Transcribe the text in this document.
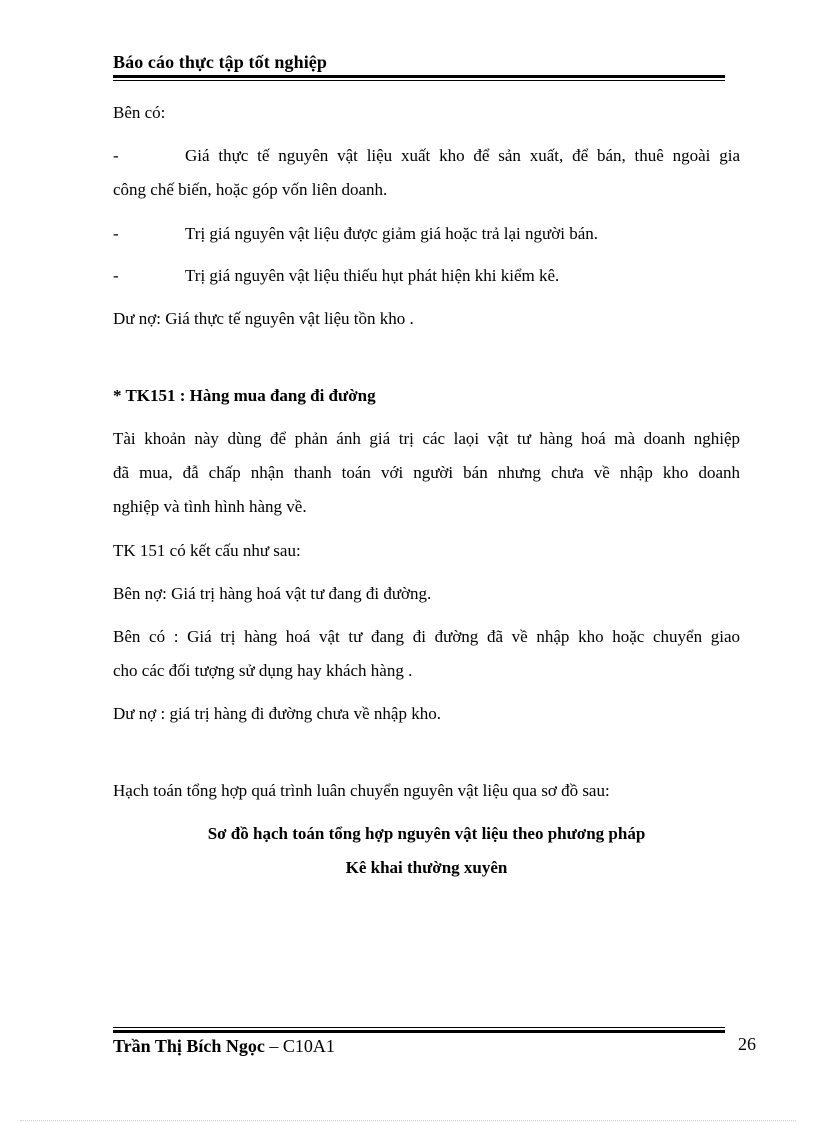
Báo cáo thực tập tốt nghiệp
Bên có:
-	Giá thực tế nguyên vật liệu xuất kho để sản xuất, để bán, thuê ngoài gia
công chế biến, hoặc góp vốn liên doanh.
-	Trị giá nguyên vật liệu được giảm giá hoặc trả lại người bán.
-	Trị giá nguyên vật liệu thiếu hụt phát hiện khi kiểm kê.
Dư nợ: Giá thực tế nguyên vật liệu tồn kho .
* TK151 : Hàng mua đang đi đường
Tài khoản này dùng để phản ánh giá trị các laọi vật tư hàng hoá mà doanh nghiệp
đã mua, đẫ chấp nhận thanh toán với người bán nhưng chưa về nhập kho doanh
nghiệp và tình hình hàng về.
TK 151 có kết cấu như sau:
Bên nợ: Giá trị hàng hoá vật tư đang đi đường.
Bên có : Giá trị hàng hoá vật tư đang đi đường đã về nhập kho hoặc chuyển giao
cho các đối tượng sử dụng hay khách hàng .
Dư nợ : giá trị hàng đi đường chưa về nhập kho.
Hạch toán tổng hợp quá trình luân chuyển nguyên vật liệu qua sơ đồ sau:
Sơ đồ hạch toán tổng hợp nguyên vật liệu theo phương pháp
Kê khai thường xuyên
Trần Thị Bích Ngọc – C10A1	26
